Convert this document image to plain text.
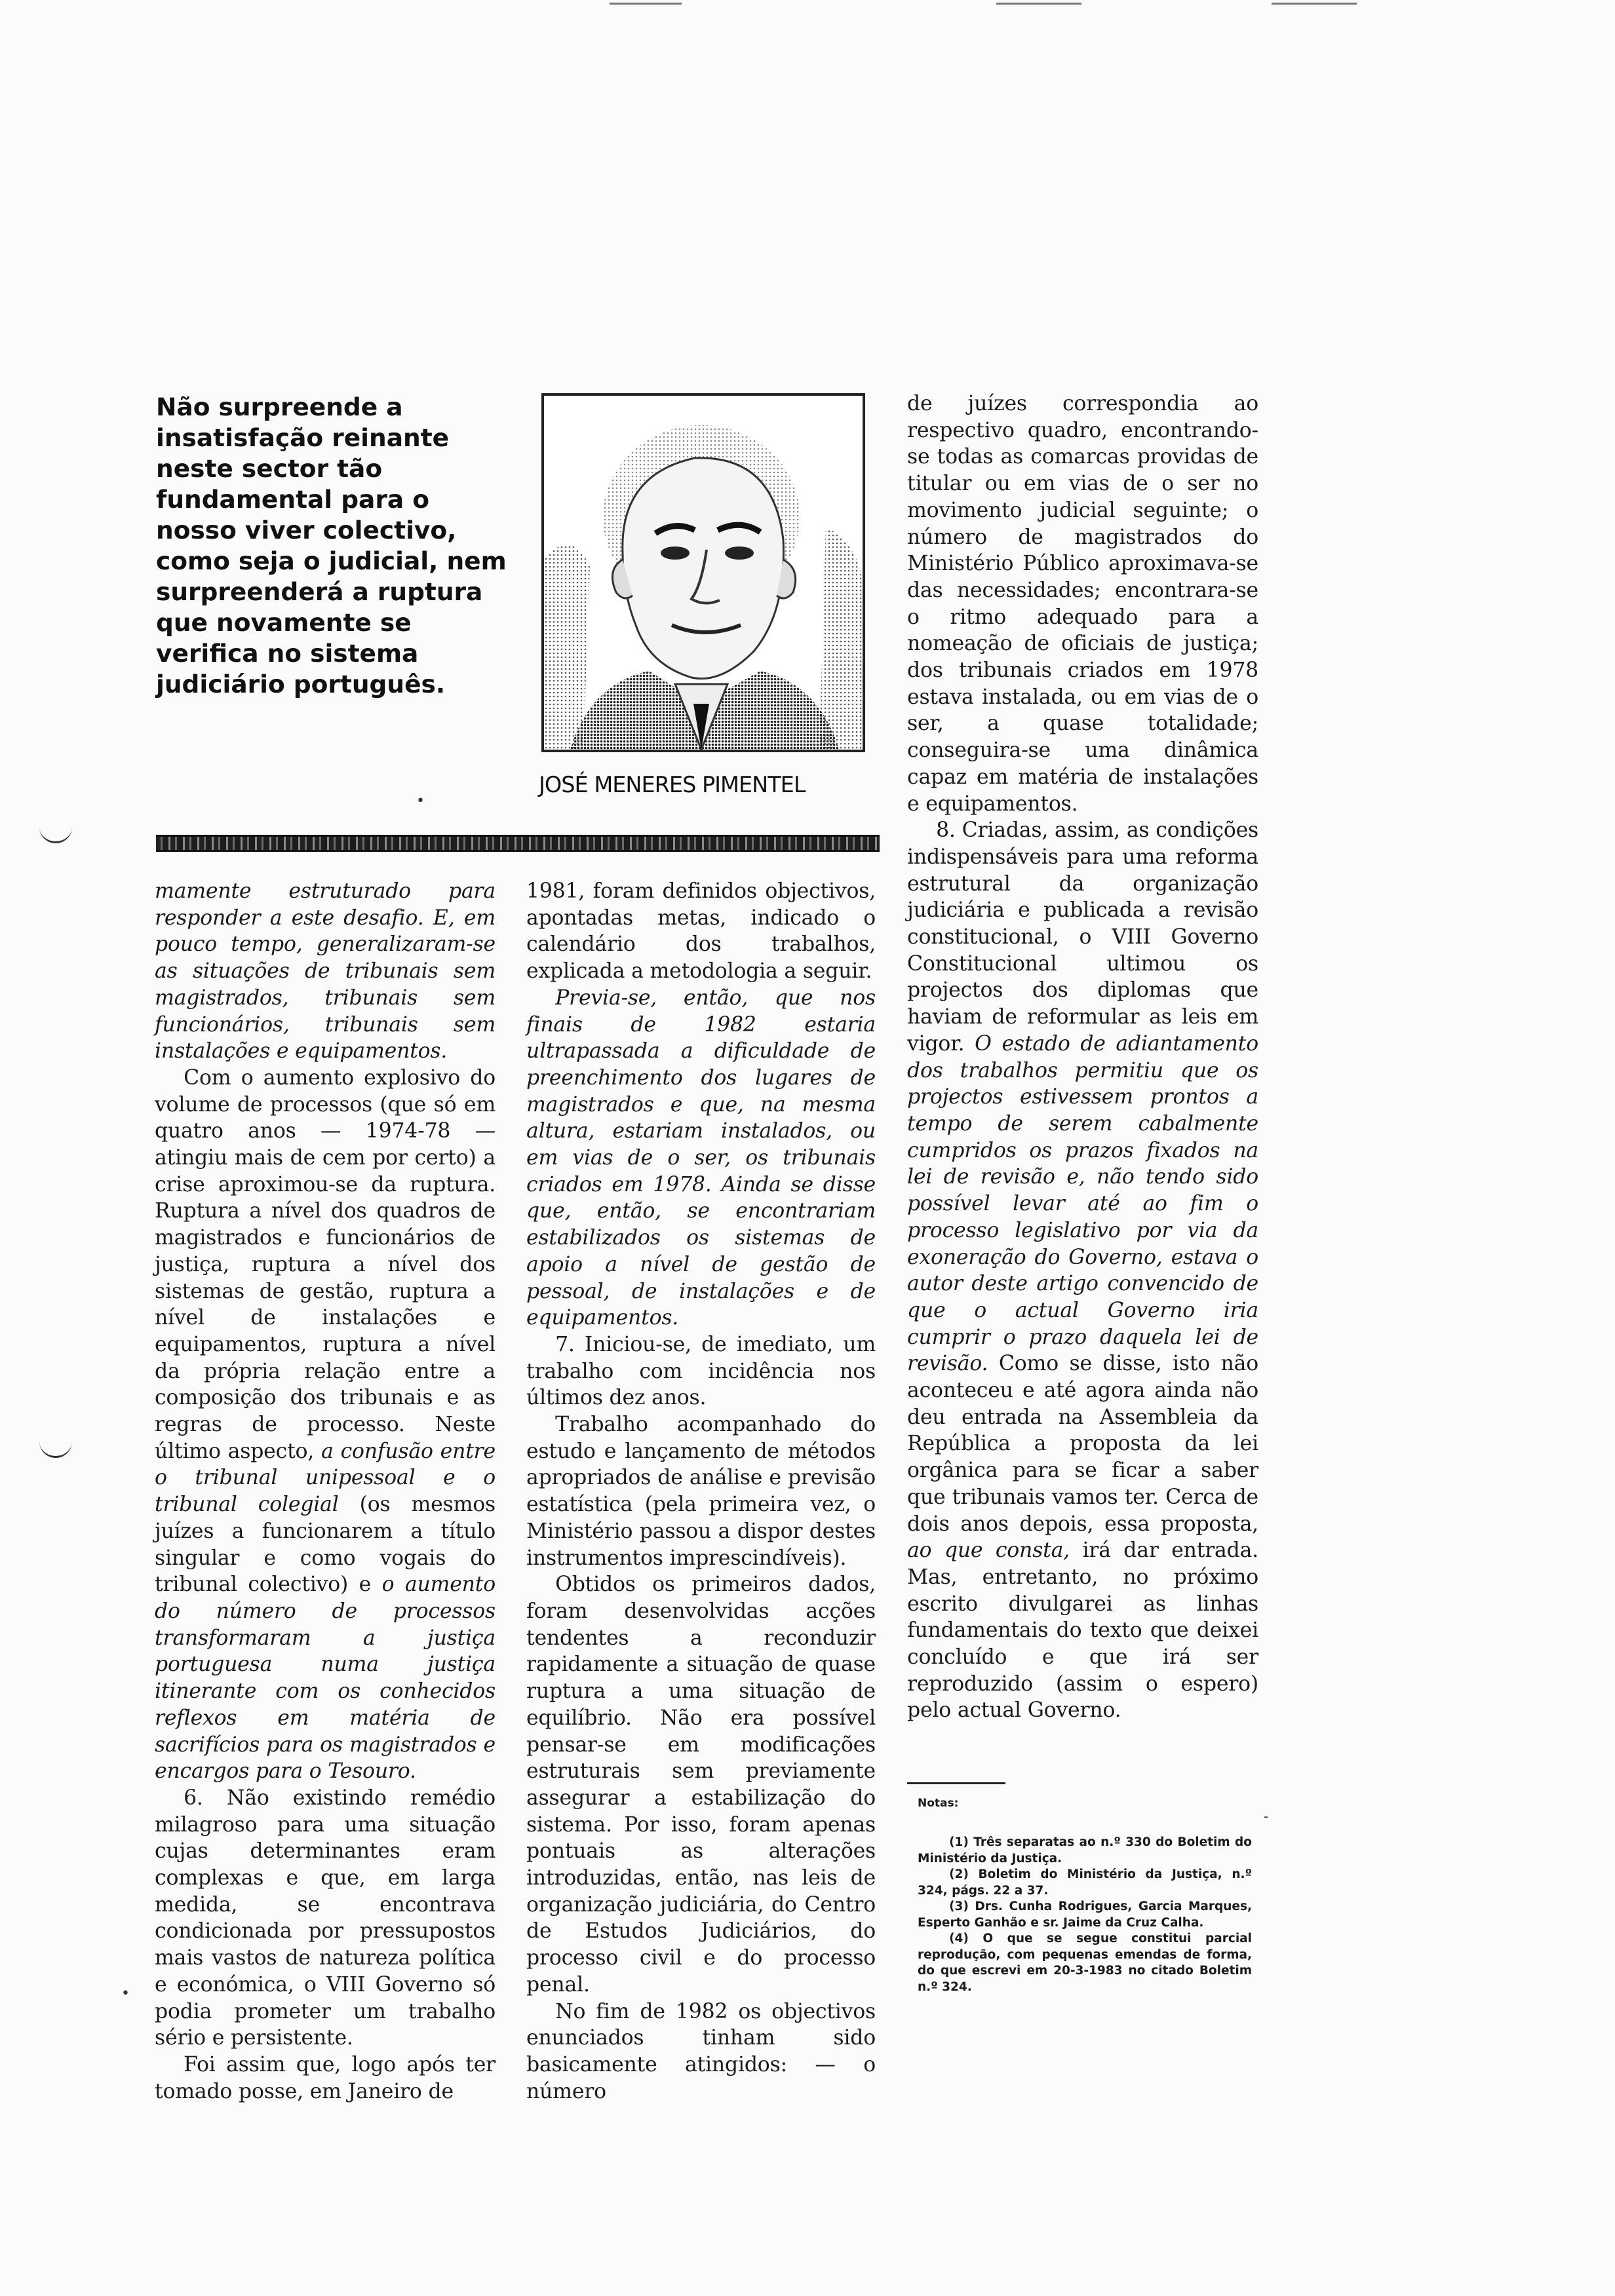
Não surpreende a insatisfação reinante neste sector tão fundamental para o nosso viver colectivo, como seja o judicial, nem surpreenderá a ruptura que novamente se verifica no sistema judiciário português.
JOSÉ MENERES PIMENTEL

mamente estruturado para responder a este desafio. E, em pouco tempo, generalizaram-se as situações de tribunais sem magistrados, tribunais sem funcionários, tribunais sem instalações e equipamentos.

Com o aumento explosivo do volume de processos (que só em quatro anos — 1974-78 — atingiu mais de cem por certo) a crise aproximou-se da ruptura. Ruptura a nível dos quadros de magistrados e funcionários de justiça, ruptura a nível dos sistemas de gestão, ruptura a nível de instalações e equipamentos, ruptura a nível da própria relação entre a composição dos tribunais e as regras de processo. Neste último aspecto, a confusão entre o tribunal unipessoal e o tribunal colegial (os mesmos juízes a funcionarem a título singular e como vogais do tribunal colectivo) e o aumento do número de processos transformaram a justiça portuguesa numa justiça itinerante com os conhecidos reflexos em matéria de sacrifícios para os magistrados e encargos para o Tesouro.

6. Não existindo remédio milagroso para uma situação cujas determinantes eram complexas e que, em larga medida, se encontrava condicionada por pressupostos mais vastos de natureza política e económica, o VIII Governo só podia prometer um trabalho sério e persistente.

Foi assim que, logo após ter tomado posse, em Janeiro de

1981, foram definidos objectivos, apontadas metas, indicado o calendário dos trabalhos, explicada a metodologia a seguir.

Previa-se, então, que nos finais de 1982 estaria ultrapassada a dificuldade de preenchimento dos lugares de magistrados e que, na mesma altura, estariam instalados, ou em vias de o ser, os tribunais criados em 1978. Ainda se disse que, então, se encontrariam estabilizados os sistemas de apoio a nível de gestão de pessoal, de instalações e de equipamentos.

7. Iniciou-se, de imediato, um trabalho com incidência nos últimos dez anos.

Trabalho acompanhado do estudo e lançamento de métodos apropriados de análise e previsão estatística (pela primeira vez, o Ministério passou a dispor destes instrumentos imprescindíveis).

Obtidos os primeiros dados, foram desenvolvidas acções tendentes a reconduzir rapidamente a situação de quase ruptura a uma situação de equilíbrio. Não era possível pensar-se em modificações estruturais sem previamente assegurar a estabilização do sistema. Por isso, foram apenas pontuais as alterações introduzidas, então, nas leis de organização judiciária, do Centro de Estudos Judiciários, do processo civil e do processo penal.

No fim de 1982 os objectivos enunciados tinham sido basicamente atingidos: — o número

de juízes correspondia ao respectivo quadro, encontrando-se todas as comarcas providas de titular ou em vias de o ser no movimento judicial seguinte; o número de magistrados do Ministério Público aproximava-se das necessidades; encontrara-se o ritmo adequado para a nomeação de oficiais de justiça; dos tribunais criados em 1978 estava instalada, ou em vias de o ser, a quase totalidade; conseguira-se uma dinâmica capaz em matéria de instalações e equipamentos.

8. Criadas, assim, as condições indispensáveis para uma reforma estrutural da organização judiciária e publicada a revisão constitucional, o VIII Governo Constitucional ultimou os projectos dos diplomas que haviam de reformular as leis em vigor. O estado de adiantamento dos trabalhos permitiu que os projectos estivessem prontos a tempo de serem cabalmente cumpridos os prazos fixados na lei de revisão e, não tendo sido possível levar até ao fim o processo legislativo por via da exoneração do Governo, estava o autor deste artigo convencido de que o actual Governo iria cumprir o prazo daquela lei de revisão. Como se disse, isto não aconteceu e até agora ainda não deu entrada na Assembleia da República a proposta da lei orgânica para se ficar a saber que tribunais vamos ter. Cerca de dois anos depois, essa proposta, ao que consta, irá dar entrada. Mas, entretanto, no próximo escrito divulgarei as linhas fundamentais do texto que deixei concluído e que irá ser reproduzido (assim o espero) pelo actual Governo.

Notas:

(1) Três separatas ao n.º 330 do Boletim do Ministério da Justiça.

(2) Boletim do Ministério da Justiça, n.º 324, págs. 22 a 37.

(3) Drs. Cunha Rodrigues, Garcia Marques, Esperto Ganhão e sr. Jaime da Cruz Calha.

(4) O que se segue constitui parcial reprodução, com pequenas emendas de forma, do que escrevi em 20-3-1983 no citado Boletim n.º 324.

•
•
-
